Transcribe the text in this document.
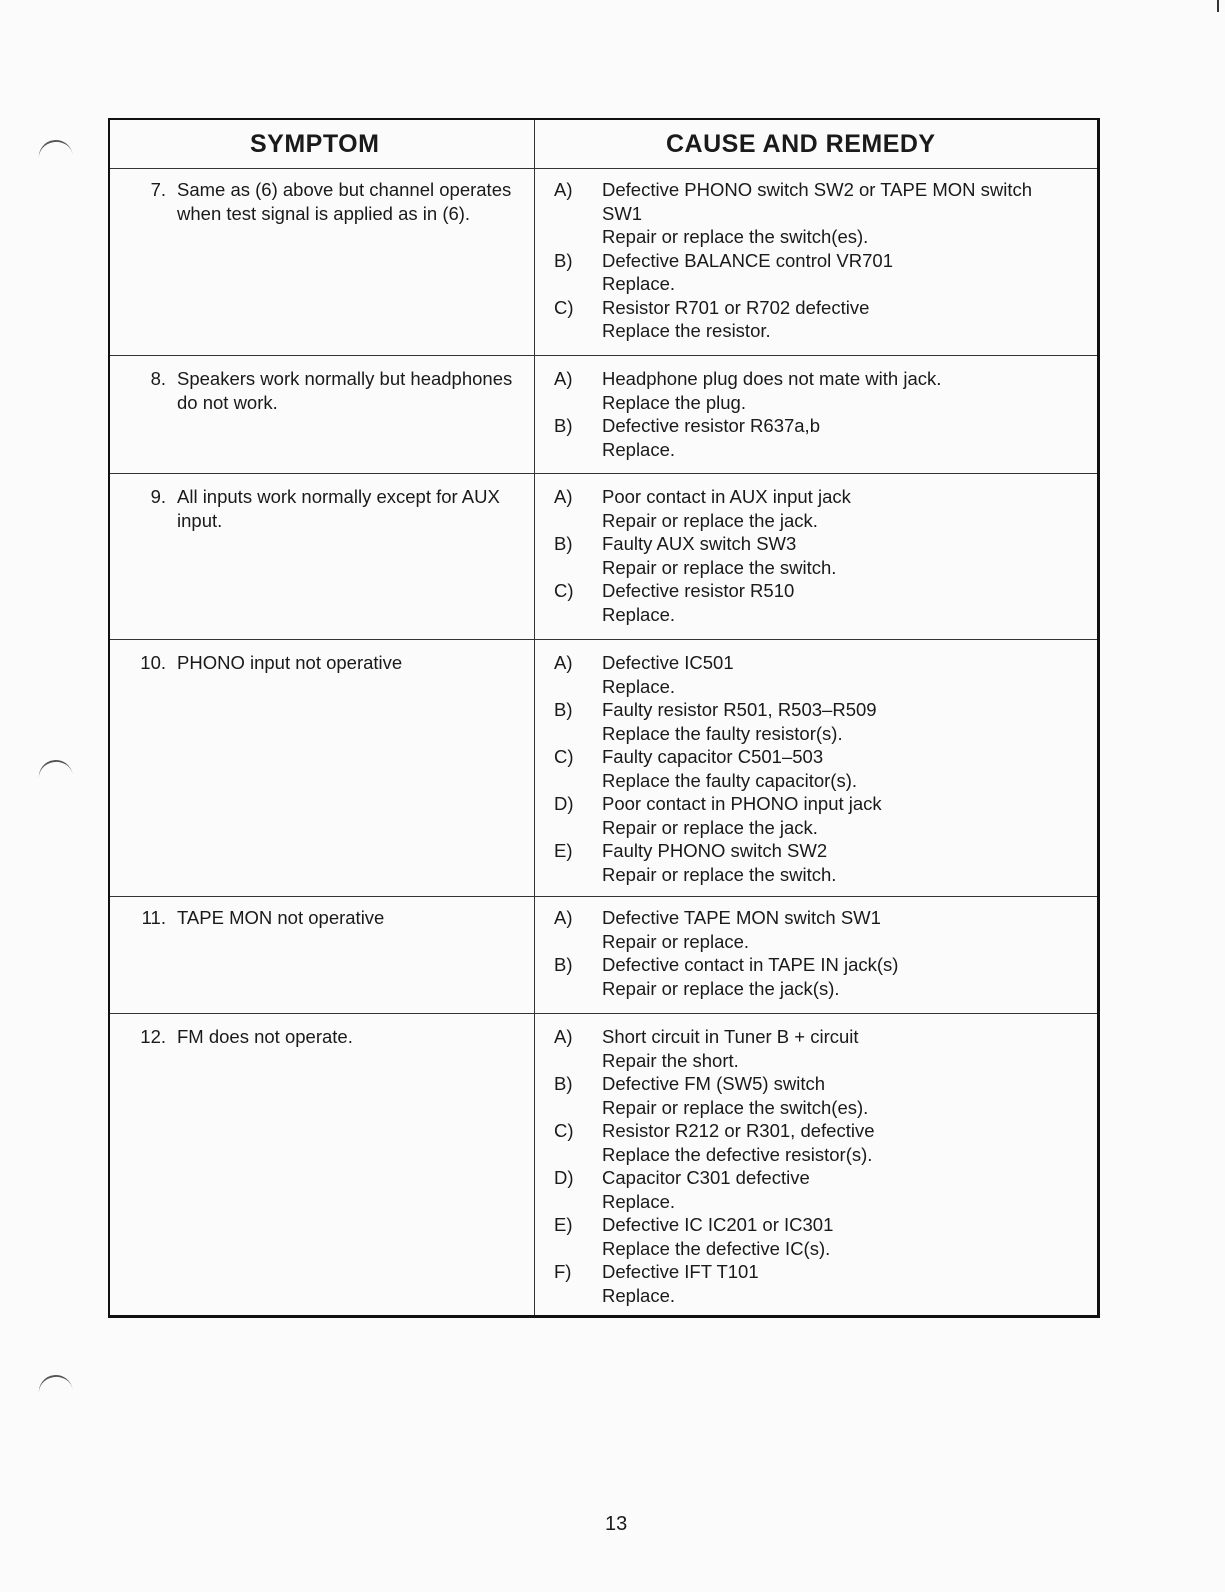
SYMPTOM	CAUSE AND REMEDY
7. Same as (6) above but channel operates when test signal is applied as in (6).
A)	Defective PHONO switch SW2 or TAPE MON switch SW1
Repair or replace the switch(es).
B)	Defective BALANCE control VR701
Replace.
C)	Resistor R701 or R702 defective
Replace the resistor.
8. Speakers work normally but headphones do not work.
A)	Headphone plug does not mate with jack.
Replace the plug.
B)	Defective resistor R637a,b
Replace.
9. All inputs work normally except for AUX input.
A)	Poor contact in AUX input jack
Repair or replace the jack.
B)	Faulty AUX switch SW3
Repair or replace the switch.
C)	Defective resistor R510
Replace.
10. PHONO input not operative	A)	Defective IC501
Replace.
B)	Faulty resistor R501, R503–R509
Replace the faulty resistor(s).
C)	Faulty capacitor C501–503
Replace the faulty capacitor(s).
D)	Poor contact in PHONO input jack
Repair or replace the jack.
E)	Faulty PHONO switch SW2
Repair or replace the switch.
11. TAPE MON not operative	A)	Defective TAPE MON switch SW1
Repair or replace.
B)	Defective contact in TAPE IN jack(s)
Repair or replace the jack(s).
12. FM does not operate.	A)	Short circuit in Tuner B + circuit
Repair the short.
B)	Defective FM (SW5) switch
Repair or replace the switch(es).
C)	Resistor R212 or R301, defective
Replace the defective resistor(s).
D)	Capacitor C301 defective
Replace.
E)	Defective IC IC201 or IC301
Replace the defective IC(s).
F)	Defective IFT T101
Replace.
13
